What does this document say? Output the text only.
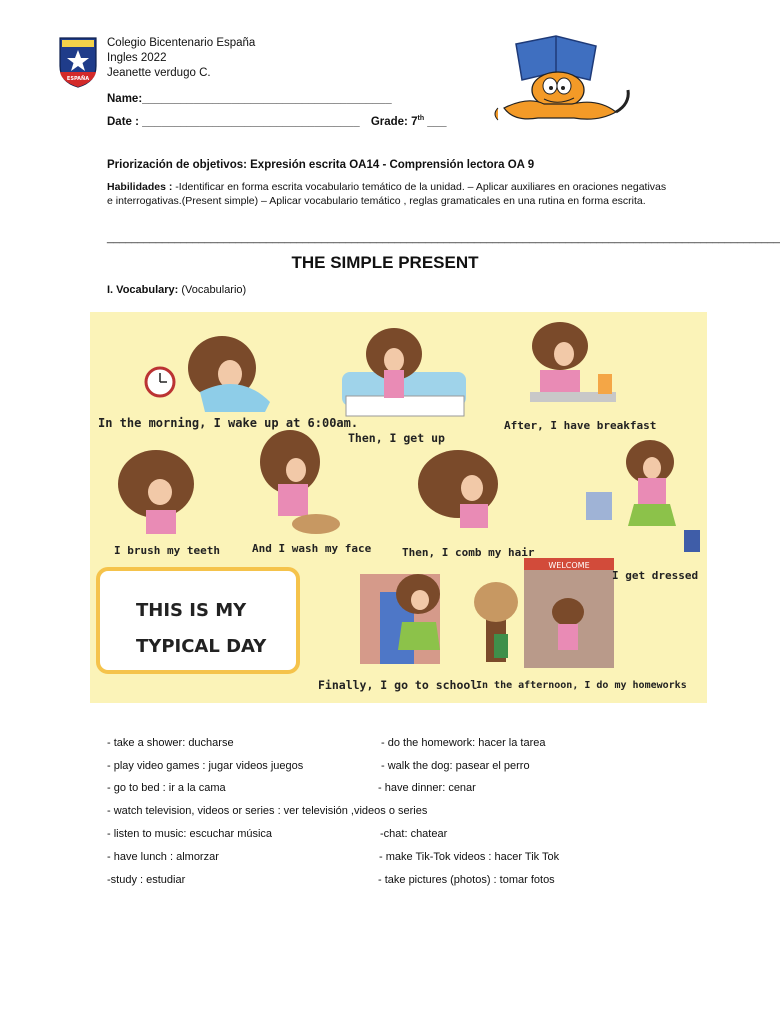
ESPAÑA
Colegio Bicentenario España
Ingles 2022
Jeanette verdugo C.
Name:_______________________________________
Date : __________________________________ Grade: 7th ___
Priorización de objetivos: Expresión escrita OA14 - Comprensión lectora OA 9
Habilidades : -Identificar en forma escrita vocabulario temático de la unidad. – Aplicar auxiliares en oraciones negativas e interrogativas.(Present simple) – Aplicar vocabulario temático , reglas gramaticales en una rutina en forma escrita.
______________________________________________________________________________________________________________
THE SIMPLE PRESENT
I. Vocabulary: (Vocabulario)
WELCOME
In the morning, I wake up at 6:00am.
Then, I get up
After, I have breakfast
I brush my teeth	And I wash my face	Then, I comb my hair
I get dressed
Finally, I go to school
In the afternoon, I do my homeworks
THIS IS MY
TYPICAL DAY
- take a shower: ducharse	- do the homework: hacer la tarea
- play video games : jugar videos juegos	- walk the dog: pasear el perro
- go to bed : ir a la cama	- have dinner: cenar
- watch television, videos or series : ver televisión ,videos o series
- listen to music: escuchar música	-chat: chatear
- have lunch : almorzar	- make Tik-Tok videos : hacer Tik Tok
-study : estudiar	- take pictures (photos) : tomar fotos
